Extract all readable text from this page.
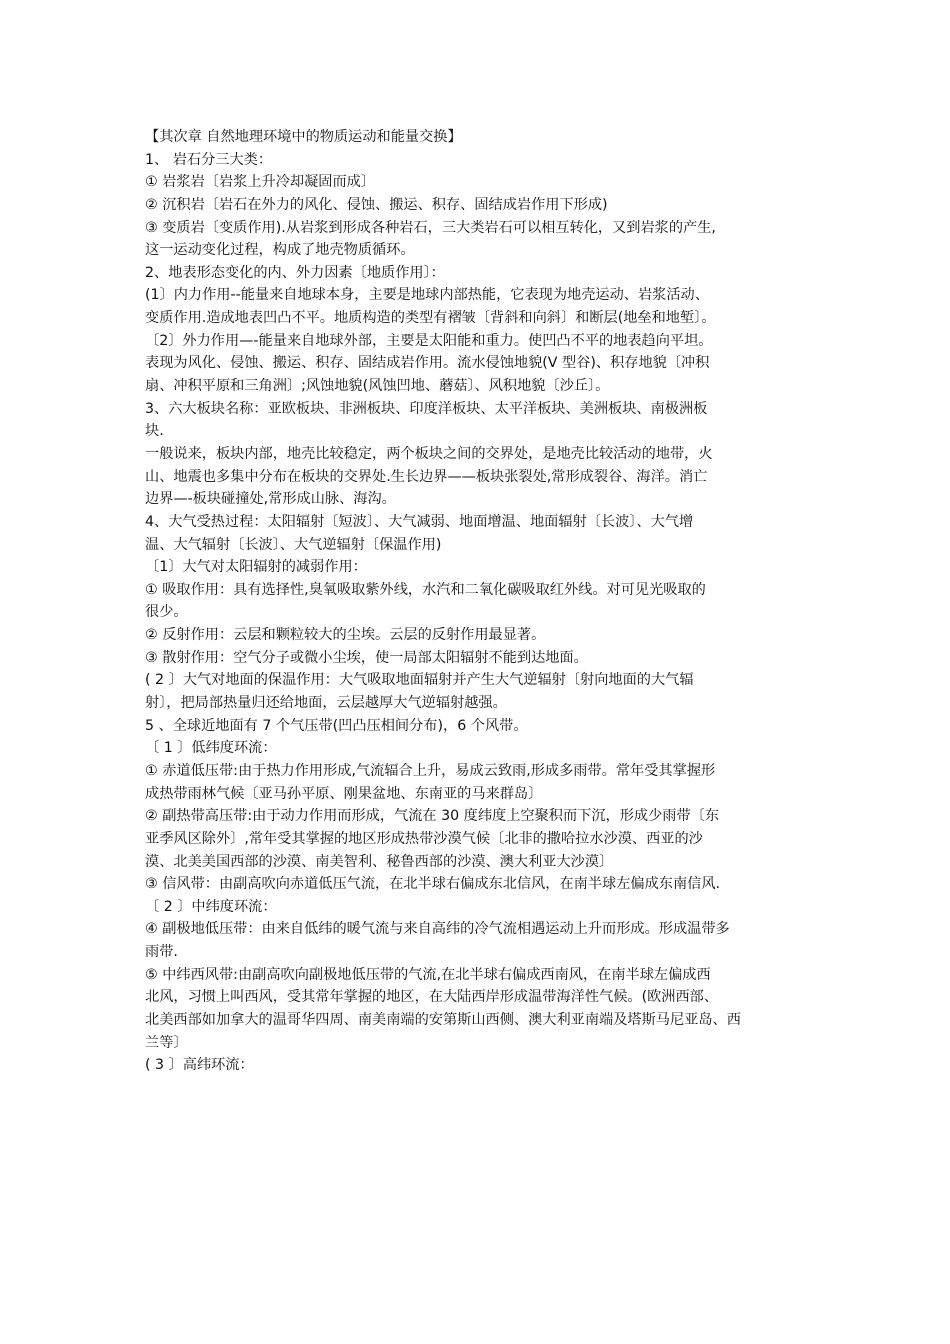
【其次章 自然地理环境中的物质运动和能量交换】
1、 岩石分三大类：
① 岩浆岩〔岩浆上升冷却凝固而成〕
② 沉积岩〔岩石在外力的风化、侵蚀、搬运、积存、固结成岩作用下形成)
③ 变质岩〔变质作用).从岩浆到形成各种岩石，三大类岩石可以相互转化，又到岩浆的产生,
这一运动变化过程，构成了地壳物质循环。
2、地表形态变化的内、外力因素〔地质作用〕：
(1〕内力作用--能量来自地球本身，主要是地球内部热能，它表现为地壳运动、岩浆活动、
变质作用.造成地表凹凸不平。地质构造的类型有褶皱〔背斜和向斜〕和断层(地垒和地堑〕。
〔2〕外力作用—-能量来自地球外部，主要是太阳能和重力。使凹凸不平的地表趋向平坦。
表现为风化、侵蚀、搬运、积存、固结成岩作用。流水侵蚀地貌(V 型谷)、积存地貌〔冲积
扇、冲积平原和三角洲〕;风蚀地貌(风蚀凹地、蘑菇〕、风积地貌〔沙丘〕。
3、六大板块名称：亚欧板块、非洲板块、印度洋板块、太平洋板块、美洲板块、南极洲板
块.
一般说来，板块内部，地壳比较稳定，两个板块之间的交界处，是地壳比较活动的地带，火
山、地震也多集中分布在板块的交界处.生长边界——板块张裂处,常形成裂谷、海洋。消亡
边界—-板块碰撞处,常形成山脉、海沟。
4、大气受热过程：太阳辐射〔短波〕、大气减弱、地面增温、地面辐射〔长波〕、大气增
温、大气辐射〔长波〕、大气逆辐射〔保温作用)
〔1〕大气对太阳辐射的减弱作用：
① 吸取作用：具有选择性,臭氧吸取紫外线，水汽和二氧化碳吸取红外线。对可见光吸取的
很少。
② 反射作用：云层和颗粒较大的尘埃。云层的反射作用最显著。
③ 散射作用：空气分子或微小尘埃，使一局部太阳辐射不能到达地面。
( 2 〕大气对地面的保温作用：大气吸取地面辐射并产生大气逆辐射〔射向地面的大气辐
射〕，把局部热量归还给地面，云层越厚大气逆辐射越强。
5 、全球近地面有 7 个气压带(凹凸压相间分布)，6 个风带。
〔 1 〕低纬度环流：
① 赤道低压带:由于热力作用形成,气流辐合上升，易成云致雨,形成多雨带。常年受其掌握形
成热带雨林气候〔亚马孙平原、刚果盆地、东南亚的马来群岛〕
② 副热带高压带:由于动力作用而形成，气流在 30 度纬度上空聚积而下沉，形成少雨带〔东
亚季风区除外〕,常年受其掌握的地区形成热带沙漠气候〔北非的撒哈拉水沙漠、西亚的沙
漠、北美美国西部的沙漠、南美智利、秘鲁西部的沙漠、澳大利亚大沙漠〕
③ 信风带：由副高吹向赤道低压气流，在北半球右偏成东北信风，在南半球左偏成东南信风.
〔 2 〕中纬度环流：
④ 副极地低压带：由来自低纬的暖气流与来自高纬的冷气流相遇运动上升而形成。形成温带多
雨带.
⑤ 中纬西风带:由副高吹向副极地低压带的气流,在北半球右偏成西南风，在南半球左偏成西
北风，习惯上叫西风，受其常年掌握的地区，在大陆西岸形成温带海洋性气候。(欧洲西部、
北美西部如加拿大的温哥华四周、南美南端的安第斯山西侧、澳大利亚南端及塔斯马尼亚岛、西
兰等〕
( 3 〕高纬环流：
